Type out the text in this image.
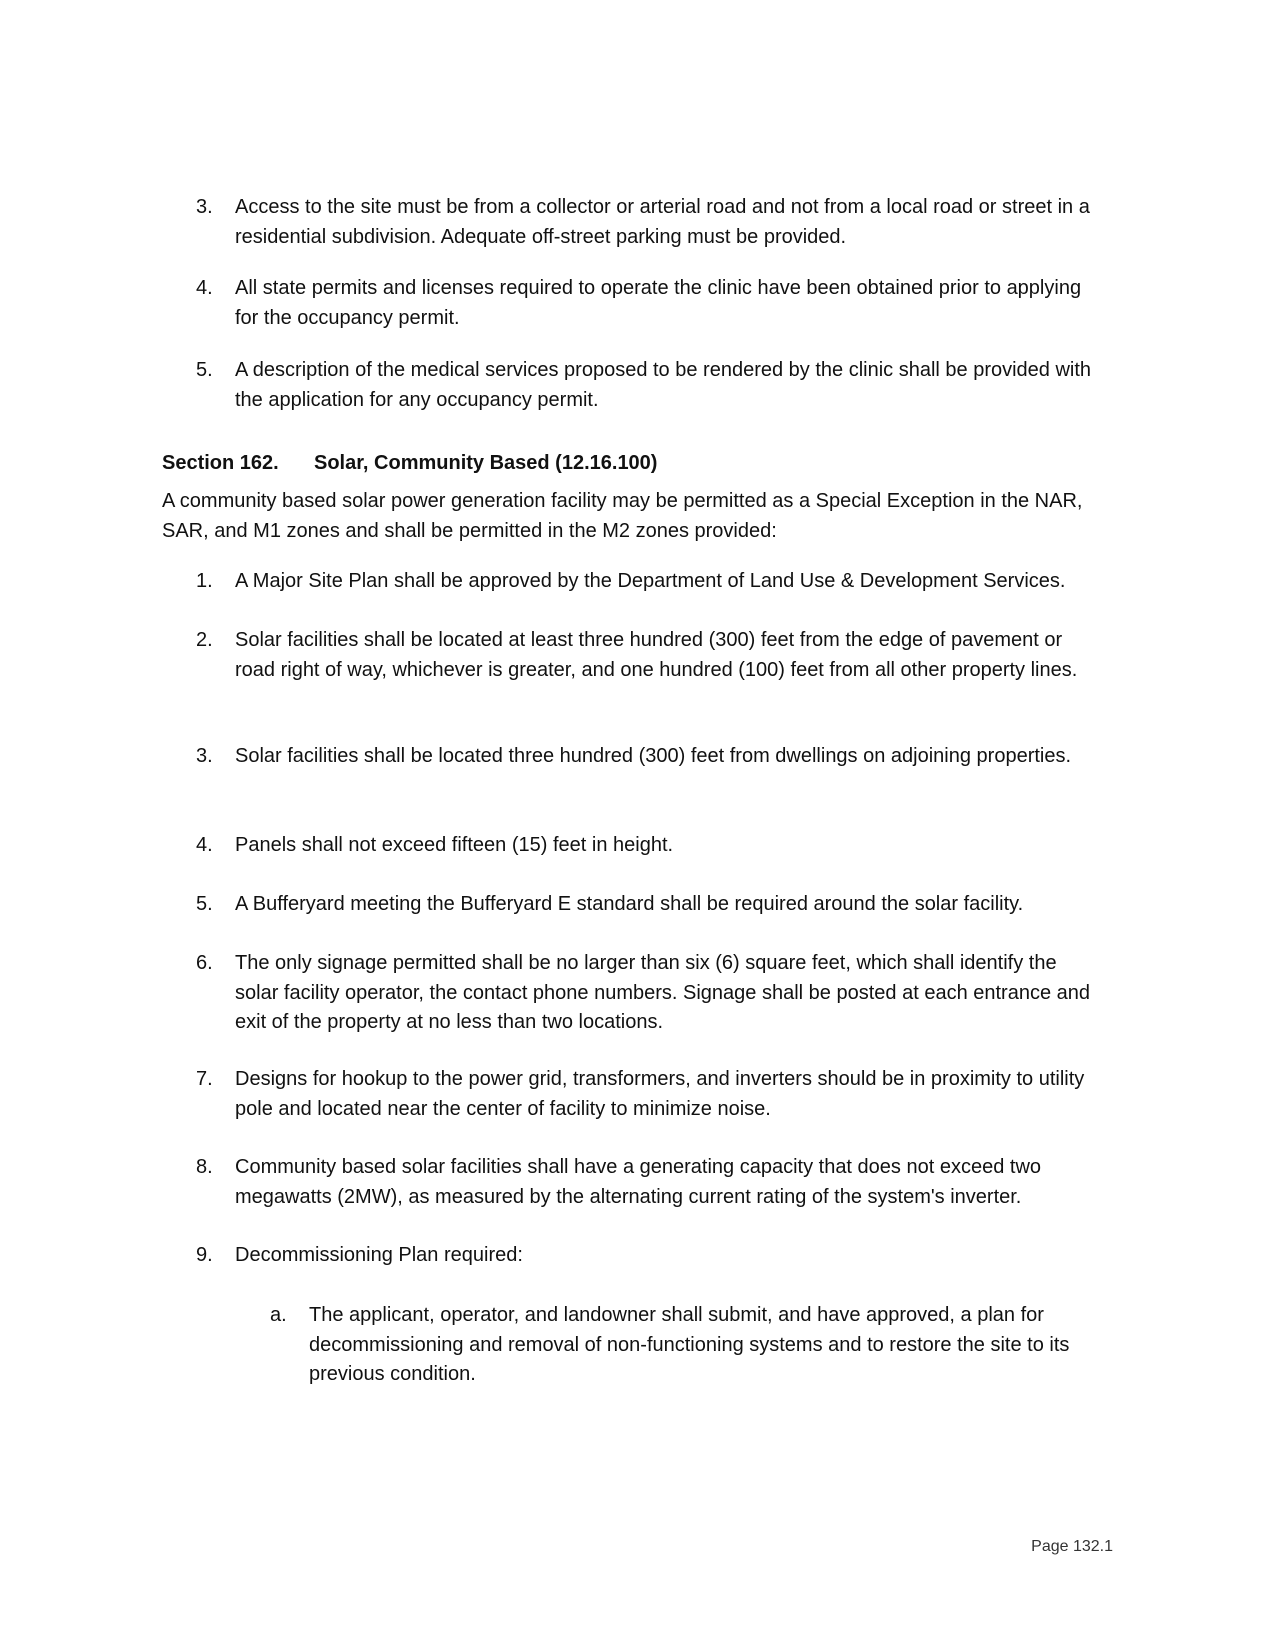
3.	Access to the site must be from a collector or arterial road and not from a local road or street in a residential subdivision. Adequate off-street parking must be provided.
4.	All state permits and licenses required to operate the clinic have been obtained prior to applying for the occupancy permit.
5.	A description of the medical services proposed to be rendered by the clinic shall be provided with the application for any occupancy permit.
Section 162. Solar, Community Based (12.16.100)

A community based solar power generation facility may be permitted as a Special Exception in the NAR, SAR, and M1 zones and shall be permitted in the M2 zones provided:

1.	A Major Site Plan shall be approved by the Department of Land Use & Development Services.
2.	Solar facilities shall be located at least three hundred (300) feet from the edge of pavement or road right of way, whichever is greater, and one hundred (100) feet from all other property lines.
3.	Solar facilities shall be located three hundred (300) feet from dwellings on adjoining properties.
4.	Panels shall not exceed fifteen (15) feet in height.
5.	A Bufferyard meeting the Bufferyard E standard shall be required around the solar facility.
6.	The only signage permitted shall be no larger than six (6) square feet, which shall identify the solar facility operator, the contact phone numbers. Signage shall be posted at each entrance and exit of the property at no less than two locations.
7.	Designs for hookup to the power grid, transformers, and inverters should be in proximity to utility pole and located near the center of facility to minimize noise.
8.	Community based solar facilities shall have a generating capacity that does not exceed two megawatts (2MW), as measured by the alternating current rating of the system's inverter.
9.	Decommissioning Plan required:
a.	The applicant, operator, and landowner shall submit, and have approved, a plan for decommissioning and removal of non-functioning systems and to restore the site to its previous condition.
Page 132.1
